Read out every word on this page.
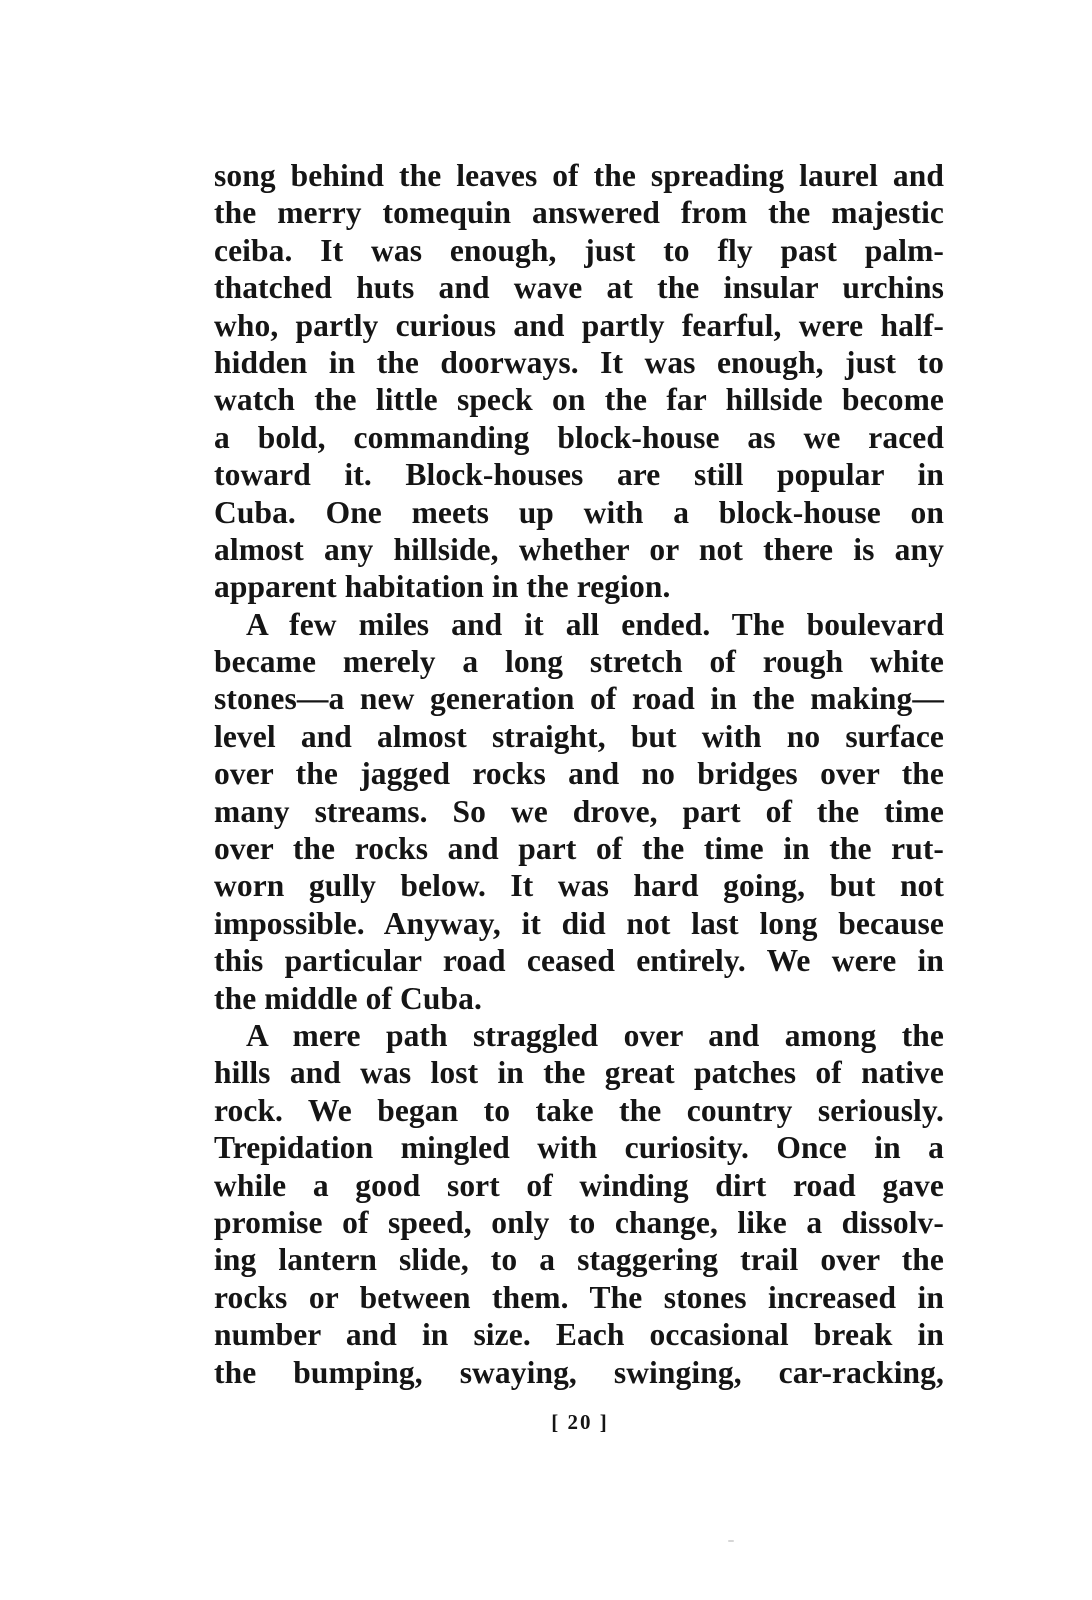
song behind the leaves of the spreading laurel and
the merry tomequin answered from the majestic
ceiba. It was enough, just to fly past palm-
thatched huts and wave at the insular urchins
who, partly curious and partly fearful, were half-
hidden in the doorways. It was enough, just to
watch the little speck on the far hillside become
a bold, commanding block-house as we raced
toward it. Block-houses are still popular in
Cuba. One meets up with a block-house on
almost any hillside, whether or not there is any
apparent habitation in the region.
A few miles and it all ended. The boulevard
became merely a long stretch of rough white
stones—a new generation of road in the making—
level and almost straight, but with no surface
over the jagged rocks and no bridges over the
many streams. So we drove, part of the time
over the rocks and part of the time in the rut-
worn gully below. It was hard going, but not
impossible. Anyway, it did not last long because
this particular road ceased entirely. We were in
the middle of Cuba.
A mere path straggled over and among the
hills and was lost in the great patches of native
rock. We began to take the country seriously.
Trepidation mingled with curiosity. Once in a
while a good sort of winding dirt road gave
promise of speed, only to change, like a dissolv-
ing lantern slide, to a staggering trail over the
rocks or between them. The stones increased in
number and in size. Each occasional break in
the bumping, swaying, swinging, car-racking,
[ 20 ]
